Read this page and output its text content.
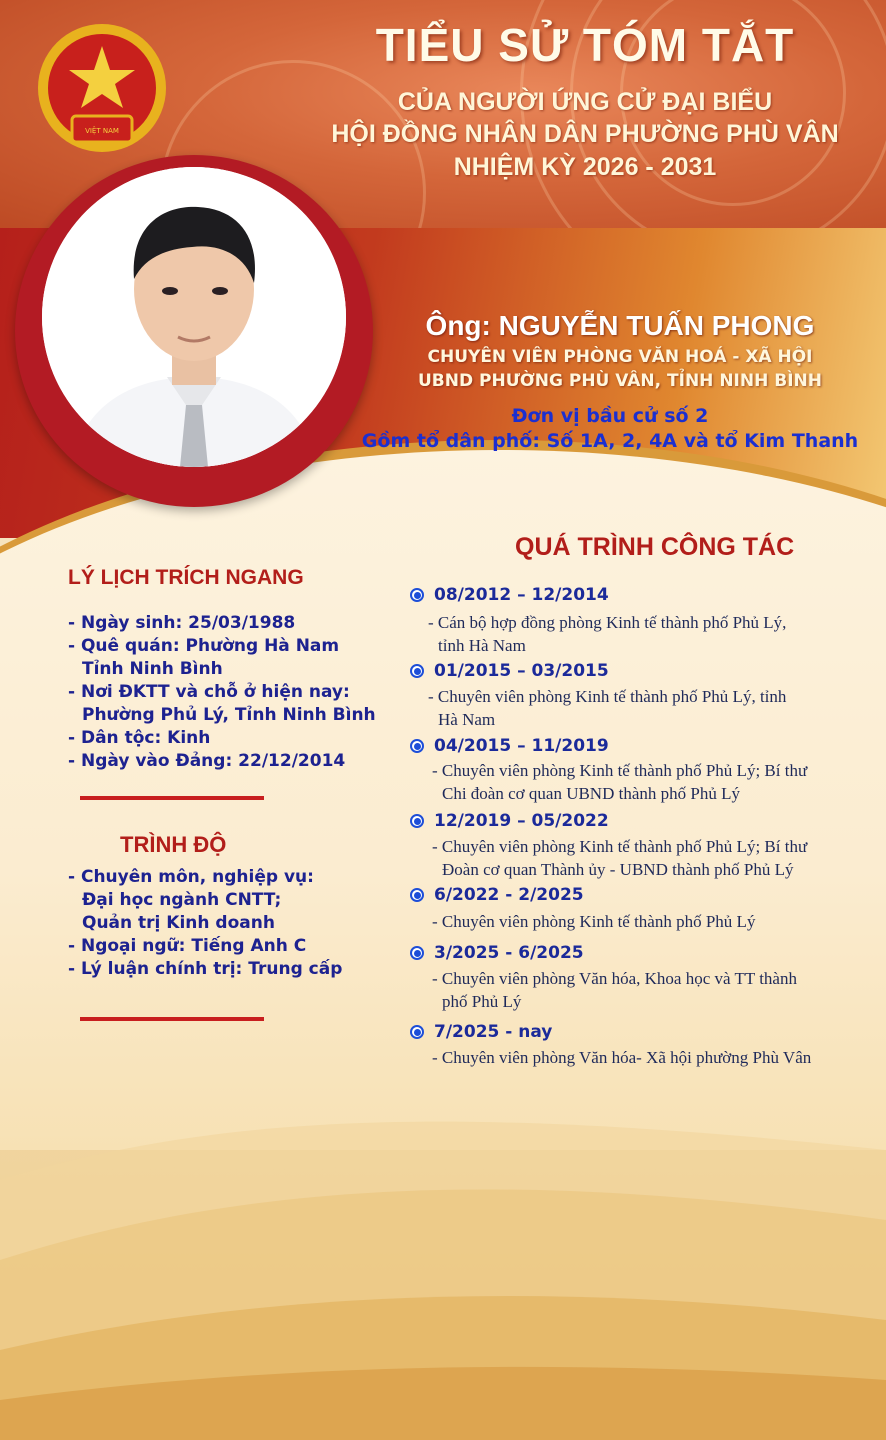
VIỆT NAM
TIỂU SỬ TÓM TẮT
CỦA NGƯỜI ỨNG CỬ ĐẠI BIỂU
HỘI ĐỒNG NHÂN DÂN PHƯỜNG PHÙ VÂN
NHIỆM KỲ 2026 - 2031
Ông: NGUYỄN TUẤN PHONG
CHUYÊN VIÊN PHÒNG VĂN HOÁ - XÃ HỘI
UBND PHƯỜNG PHÙ VÂN, TỈNH NINH BÌNH
Đơn vị bầu cử số 2
Gồm tổ dân phố: Số 1A, 2, 4A và tổ Kim Thanh
LÝ LỊCH TRÍCH NGANG
- Ngày sinh: 25/03/1988
- Quê quán: Phường Hà Nam
Tỉnh Ninh Bình
- Nơi ĐKTT và chỗ ở hiện nay:
Phường Phủ Lý, Tỉnh Ninh Bình
- Dân tộc: Kinh
- Ngày vào Đảng: 22/12/2014
TRÌNH ĐỘ
- Chuyên môn, nghiệp vụ:
Đại học ngành CNTT;
Quản trị Kinh doanh
- Ngoại ngữ: Tiếng Anh C
- Lý luận chính trị: Trung cấp
QUÁ TRÌNH CÔNG TÁC
08/2012 – 12/2014
- Cán bộ hợp đồng phòng Kinh tế thành phố Phủ Lý,
tỉnh Hà Nam
01/2015 – 03/2015
- Chuyên viên phòng Kinh tế thành phố Phủ Lý, tỉnh
Hà Nam
04/2015 – 11/2019
- Chuyên viên phòng Kinh tế thành phố Phủ Lý; Bí thư
Chi đoàn cơ quan UBND thành phố Phủ Lý
12/2019 – 05/2022
- Chuyên viên phòng Kinh tế thành phố Phủ Lý; Bí thư
Đoàn cơ quan Thành ủy - UBND thành phố Phủ Lý
6/2022 - 2/2025
- Chuyên viên phòng Kinh tế thành phố Phủ Lý
3/2025 - 6/2025
- Chuyên viên phòng Văn hóa, Khoa học và TT thành
phố Phủ Lý
7/2025 - nay
- Chuyên viên phòng Văn hóa- Xã hội phường Phù Vân
